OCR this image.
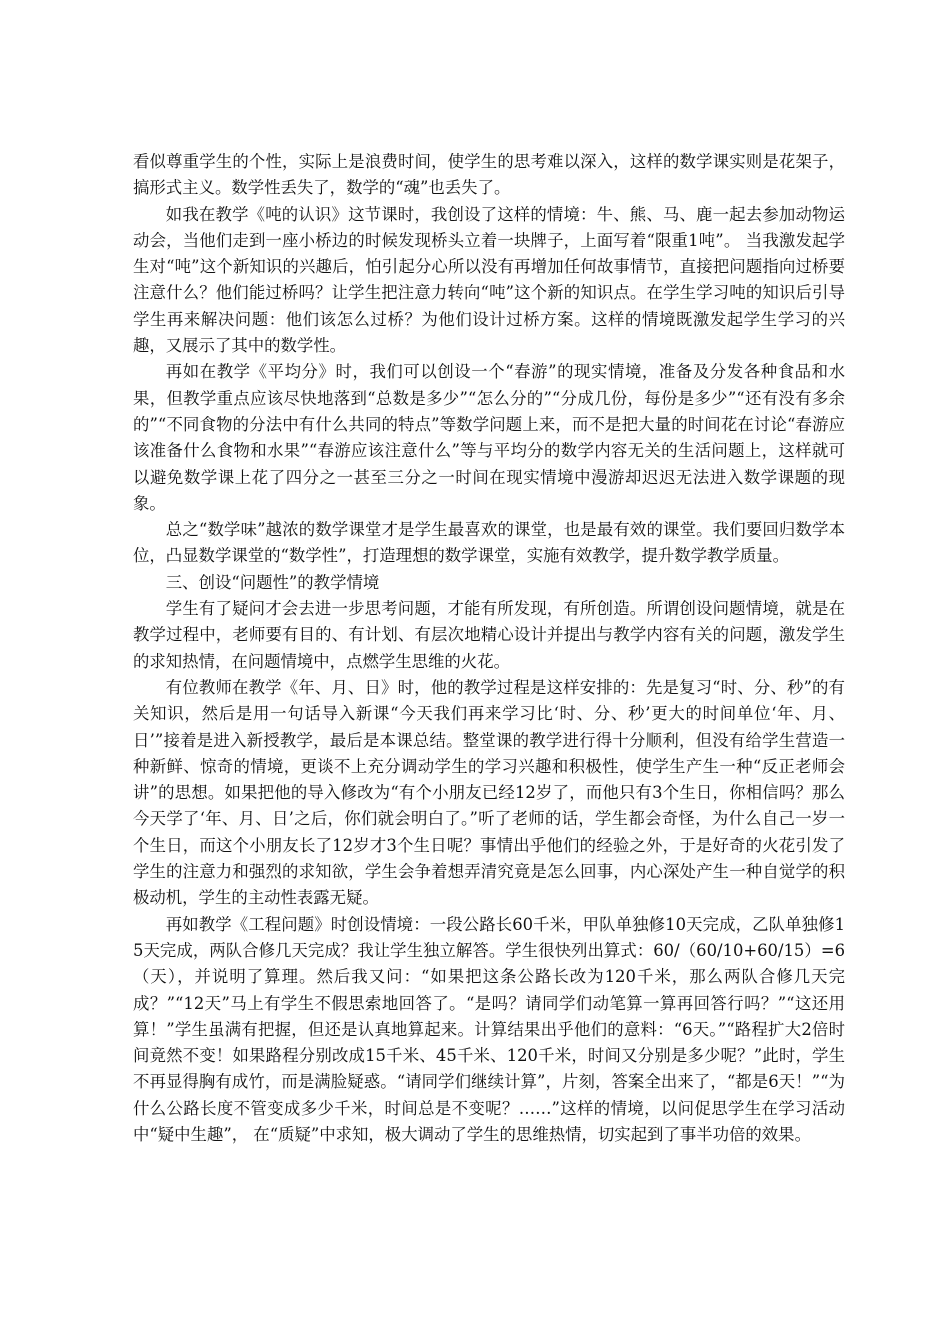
看似尊重学生的个性，实际上是浪费时间，使学生的思考难以深入，这样的数学课实则是花架子，搞形式主义。数学性丢失了，数学的“魂”也丢失了。

如我在教学《吨的认识》这节课时，我创设了这样的情境：牛、熊、马、鹿一起去参加动物运动会，当他们走到一座小桥边的时候发现桥头立着一块牌子，上面写着“限重1吨”。 当我激发起学生对“吨”这个新知识的兴趣后，怕引起分心所以没有再增加任何故事情节，直接把问题指向过桥要注意什么？他们能过桥吗？让学生把注意力转向“吨”这个新的知识点。在学生学习吨的知识后引导学生再来解决问题：他们该怎么过桥？为他们设计过桥方案。这样的情境既激发起学生学习的兴趣，又展示了其中的数学性。

再如在教学《平均分》时，我们可以创设一个“春游”的现实情境，准备及分发各种食品和水果，但教学重点应该尽快地落到“总数是多少”“怎么分的”“分成几份，每份是多少”“还有没有多余的”“不同食物的分法中有什么共同的特点”等数学问题上来，而不是把大量的时间花在讨论“春游应该准备什么食物和水果”“春游应该注意什么”等与平均分的数学内容无关的生活问题上，这样就可以避免数学课上花了四分之一甚至三分之一时间在现实情境中漫游却迟迟无法进入数学课题的现象。

总之“数学味”越浓的数学课堂才是学生最喜欢的课堂，也是最有效的课堂。我们要回归数学本位，凸显数学课堂的“数学性”，打造理想的数学课堂，实施有效教学，提升数学教学质量。

三、创设“问题性”的教学情境

学生有了疑问才会去进一步思考问题，才能有所发现，有所创造。所谓创设问题情境，就是在教学过程中，老师要有目的、有计划、有层次地精心设计并提出与教学内容有关的问题，激发学生的求知热情，在问题情境中，点燃学生思维的火花。

有位教师在教学《年、月、日》时，他的教学过程是这样安排的：先是复习“时、分、秒”的有关知识，然后是用一句话导入新课“今天我们再来学习比‘时、分、秒’更大的时间单位‘年、月、日’”接着是进入新授教学，最后是本课总结。整堂课的教学进行得十分顺利，但没有给学生营造一种新鲜、惊奇的情境，更谈不上充分调动学生的学习兴趣和积极性，使学生产生一种“反正老师会讲”的思想。如果把他的导入修改为“有个小朋友已经12岁了，而他只有3个生日，你相信吗？那么今天学了‘年、月、日’之后，你们就会明白了。”听了老师的话，学生都会奇怪，为什么自己一岁一个生日，而这个小朋友长了12岁才3个生日呢？事情出乎他们的经验之外，于是好奇的火花引发了学生的注意力和强烈的求知欲，学生会争着想弄清究竟是怎么回事，内心深处产生一种自觉学的积极动机，学生的主动性表露无疑。

再如教学《工程问题》时创设情境：一段公路长60千米，甲队单独修10天完成，乙队单独修15天完成，两队合修几天完成？我让学生独立解答。学生很快列出算式：60/（60/10+60/15）=6（天），并说明了算理。然后我又问：“如果把这条公路长改为120千米，那么两队合修几天完成？”“12天”马上有学生不假思索地回答了。“是吗？请同学们动笔算一算再回答行吗？”“这还用算！”学生虽满有把握，但还是认真地算起来。计算结果出乎他们的意料：“6天。”“路程扩大2倍时间竟然不变！如果路程分别改成15千米、45千米、120千米，时间又分别是多少呢？”此时，学生不再显得胸有成竹，而是满脸疑惑。“请同学们继续计算”，片刻，答案全出来了，“都是6天！”“为什么公路长度不管变成多少千米，时间总是不变呢？……”这样的情境，以问促思学生在学习活动中“疑中生趣”， 在“质疑”中求知，极大调动了学生的思维热情，切实起到了事半功倍的效果。
